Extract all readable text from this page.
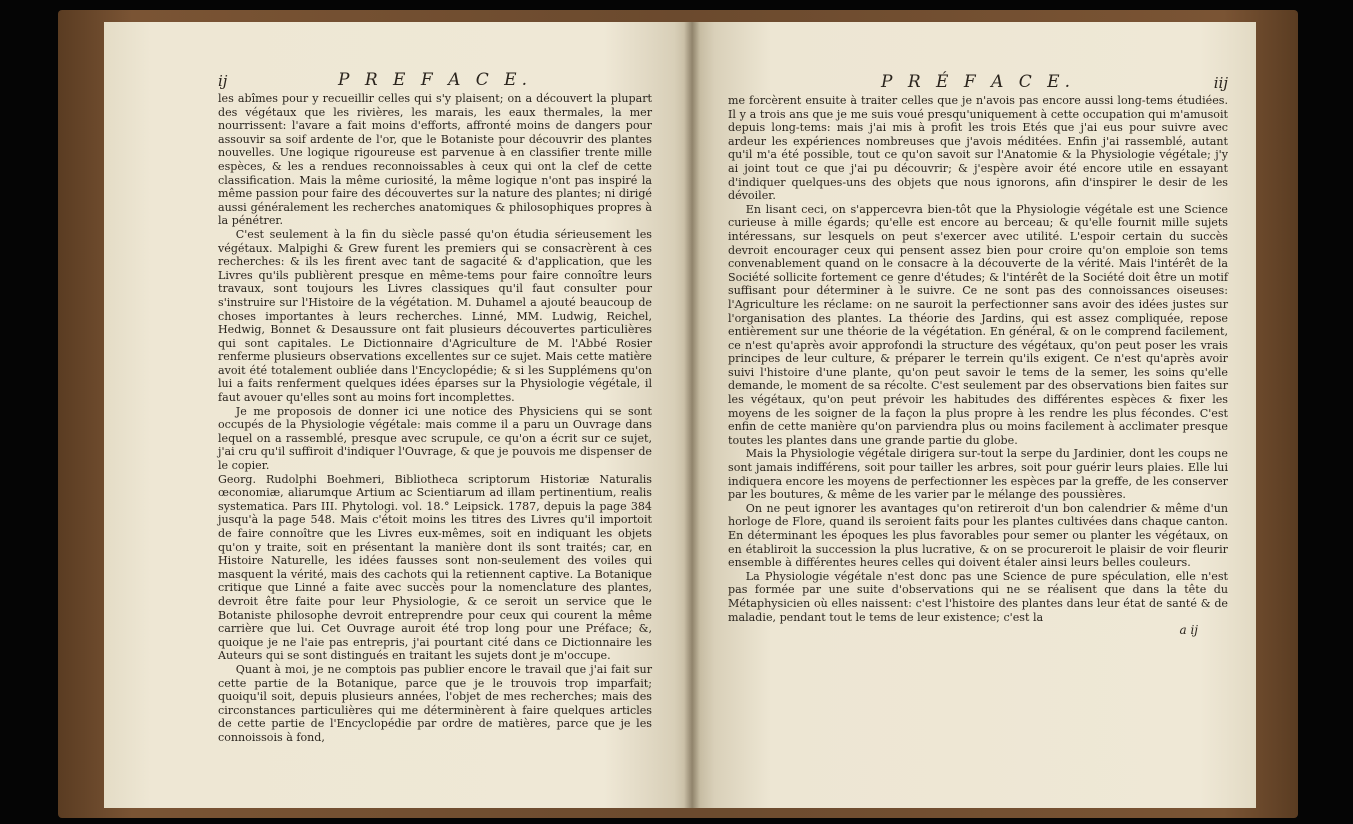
ij	P R E F A C E.

les abîmes pour y recueillir celles qui s'y plaisent; on a découvert la plupart des végétaux que les rivières, les marais, les eaux thermales, la mer nourrissent: l'avare a fait moins d'efforts, affronté moins de dangers pour assouvir sa soif ardente de l'or, que le Botaniste pour découvrir des plantes nouvelles. Une logique rigoureuse est parvenue à en classifier trente mille espèces, & les a rendues reconnoissables à ceux qui ont la clef de cette classification. Mais la même curiosité, la même logique n'ont pas inspiré la même passion pour faire des découvertes sur la nature des plantes; ni dirigé aussi généralement les recherches anatomiques & philosophiques propres à la pénétrer.

C'est seulement à la fin du siècle passé qu'on étudia sérieusement les végétaux. Malpighi & Grew furent les premiers qui se consacrèrent à ces recherches: & ils les firent avec tant de sagacité & d'application, que les Livres qu'ils publièrent presque en même-tems pour faire connoître leurs travaux, sont toujours les Livres classiques qu'il faut consulter pour s'instruire sur l'Histoire de la végétation. M. Duhamel a ajouté beaucoup de choses importantes à leurs recherches. Linné, MM. Ludwig, Reichel, Hedwig, Bonnet & Desaussure ont fait plusieurs découvertes particulières qui sont capitales. Le Dictionnaire d'Agriculture de M. l'Abbé Rosier renferme plusieurs observations excellentes sur ce sujet. Mais cette matière avoit été totalement oubliée dans l'Encyclopédie; & si les Supplémens qu'on lui a faits renferment quelques idées éparses sur la Physiologie végétale, il faut avouer qu'elles sont au moins fort incomplettes.

Je me proposois de donner ici une notice des Physiciens qui se sont occupés de la Physiologie végétale: mais comme il a paru un Ouvrage dans lequel on a rassemblé, presque avec scrupule, ce qu'on a écrit sur ce sujet, j'ai cru qu'il suffiroit d'indiquer l'Ouvrage, & que je pouvois me dispenser de le copier.

Georg. Rudolphi Boehmeri, Bibliotheca scriptorum Historiæ Naturalis œconomiæ, aliarumque Artium ac Scientiarum ad illam pertinentium, realis systematica. Pars III. Phytologi. vol. 18.° Leipsick. 1787, depuis la page 384 jusqu'à la page 548. Mais c'étoit moins les titres des Livres qu'il importoit de faire connoître que les Livres eux-mêmes, soit en indiquant les objets qu'on y traite, soit en présentant la manière dont ils sont traités; car, en Histoire Naturelle, les idées fausses sont non-seulement des voiles qui masquent la vérité, mais des cachots qui la retiennent captive. La Botanique critique que Linné a faite avec succès pour la nomenclature des plantes, devroit être faite pour leur Physiologie, & ce seroit un service que le Botaniste philosophe devroit entreprendre pour ceux qui courent la même carrière que lui. Cet Ouvrage auroit été trop long pour une Préface; &, quoique je ne l'aie pas entrepris, j'ai pourtant cité dans ce Dictionnaire les Auteurs qui se sont distingués en traitant les sujets dont je m'occupe.

Quant à moi, je ne comptois pas publier encore le travail que j'ai fait sur cette partie de la Botanique, parce que je le trouvois trop imparfait; quoiqu'il soit, depuis plusieurs années, l'objet de mes recherches; mais des circonstances particulières qui me déterminèrent à faire quelques articles de cette partie de l'Encyclopédie par ordre de matières, parce que je les connoissois à fond,

P R É F A C E.	iij

me forcèrent ensuite à traiter celles que je n'avois pas encore aussi long-tems étudiées. Il y a trois ans que je me suis voué presqu'uniquement à cette occupation qui m'amusoit depuis long-tems: mais j'ai mis à profit les trois Etés que j'ai eus pour suivre avec ardeur les expériences nombreuses que j'avois méditées. Enfin j'ai rassemblé, autant qu'il m'a été possible, tout ce qu'on savoit sur l'Anatomie & la Physiologie végétale; j'y ai joint tout ce que j'ai pu découvrir; & j'espère avoir été encore utile en essayant d'indiquer quelques-uns des objets que nous ignorons, afin d'inspirer le desir de les dévoiler.

En lisant ceci, on s'appercevra bien-tôt que la Physiologie végétale est une Science curieuse à mille égards; qu'elle est encore au berceau; & qu'elle fournit mille sujets intéressans, sur lesquels on peut s'exercer avec utilité. L'espoir certain du succès devroit encourager ceux qui pensent assez bien pour croire qu'on emploie son tems convenablement quand on le consacre à la découverte de la vérité. Mais l'intérêt de la Société sollicite fortement ce genre d'études; & l'intérêt de la Société doit être un motif suffisant pour déterminer à le suivre. Ce ne sont pas des connoissances oiseuses: l'Agriculture les réclame: on ne sauroit la perfectionner sans avoir des idées justes sur l'organisation des plantes. La théorie des Jardins, qui est assez compliquée, repose entièrement sur une théorie de la végétation. En général, & on le comprend facilement, ce n'est qu'après avoir approfondi la structure des végétaux, qu'on peut poser les vrais principes de leur culture, & préparer le terrein qu'ils exigent. Ce n'est qu'après avoir suivi l'histoire d'une plante, qu'on peut savoir le tems de la semer, les soins qu'elle demande, le moment de sa récolte. C'est seulement par des observations bien faites sur les végétaux, qu'on peut prévoir les habitudes des différentes espèces & fixer les moyens de les soigner de la façon la plus propre à les rendre les plus fécondes. C'est enfin de cette manière qu'on parviendra plus ou moins facilement à acclimater presque toutes les plantes dans une grande partie du globe.

Mais la Physiologie végétale dirigera sur-tout la serpe du Jardinier, dont les coups ne sont jamais indifférens, soit pour tailler les arbres, soit pour guérir leurs plaies. Elle lui indiquera encore les moyens de perfectionner les espèces par la greffe, de les conserver par les boutures, & même de les varier par le mélange des poussières.

On ne peut ignorer les avantages qu'on retireroit d'un bon calendrier & même d'un horloge de Flore, quand ils seroient faits pour les plantes cultivées dans chaque canton. En déterminant les époques les plus favorables pour semer ou planter les végétaux, on en établiroit la succession la plus lucrative, & on se procureroit le plaisir de voir fleurir ensemble à différentes heures celles qui doivent étaler ainsi leurs belles couleurs.

La Physiologie végétale n'est donc pas une Science de pure spéculation, elle n'est pas formée par une suite d'observations qui ne se réalisent que dans la tête du Métaphysicien où elles naissent: c'est l'histoire des plantes dans leur état de santé & de maladie, pendant tout le tems de leur existence; c'est la

a ij
